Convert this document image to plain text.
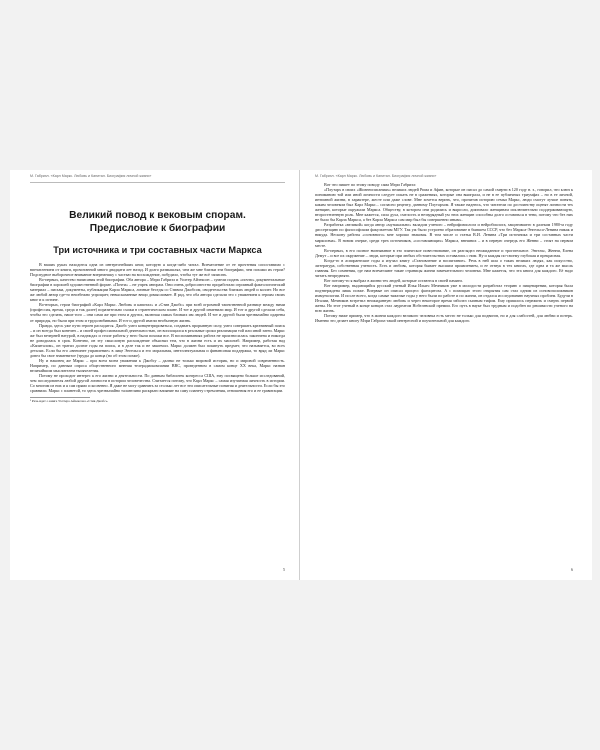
М. Габриэл. «Карл Маркс. Любовь и Капитал. Биография личной жизни»
Великий повод к вековым спорам.
Предисловие к биографии
Три источника и три составных части Маркса

В ваших руках находится одна из интереснейших книг, которую я когда-либо читал. Впечатление от ее прочтения сопоставимо с впечатлением от книги, прочитанной много двадцати лет назад. И долго размышлял, чем же мне близки эти биографии, чем похожи их герои? Подспудное выборочное внимание вперемешку с частью на восхождение, побудило, чтобы тут же всё записать.

Во-первых, качество написания этой биографии. Оба автора – Мэри Габриэл и Уолтер Айзексон – сумели подать «почти» документальные биографии в хорошей художественной форме. «Почти» – не упрек авторам. Они очень добросовестно проработали огромный фактологический материал – письма, документы, публикации Карла Маркса, личные беседы со Стивом Джобсом, свидетельства близких людей и коллег. Но все же любой автор где-то неизбежно упрощает, невысказанные вещи домысливает. Я рад, что оба автора сделали это с уважением к героям своих книг и к истине.

Во-вторых, герои биографий «Карл Маркс. Любовь и капитал» и «Стив Джобс» при всей огромной таинственной разнице между ними (профессия, время, среда и так далее) поразительно схожи в стратегическом плане. И тот и другой изменили мир. И тот и другой сделали себя, чтобы это сделать, наше того – они сами же при этом и других, включая самых близких им людей. И тот и другой были чрезвычайно одарены от природы, но были при этом и трудолюбивыми. И тот и другой имели необычную жизнь.

Правда, здесь уже пути героев расходятся. Джобс умел концентрироваться, создавать прорывную силу, умел совершать креативный поиск – и он всегда был конечен – и своей профессиональной деятельностью, он воплощался в реальные сроки реализации той или иной затеи. Маркс же был вечерней натурой, в надеждах и стиле работы у него были похожи все. В воспоминаниях работа не произносилась закончена и никогда не доводилась в срок. Конечно, он эту смысловую расхождение объяснял тем, что в жизни есть и их масштаб. Например, работая над «Капиталом», он тратил долгие годы на поиск, и в деле так и не закончил. Маркс должен был покинуть предмет, что называется, во всех деталях. Если бы его «внешнее управление» в лице Энгельса и его моральная, интеллектуальная и финансовая поддержка, то вряд ли Маркс довел бы свое знаменитое (труды до конца (но об этом позже).

Ну и наконец же Маркс – при всем моем уважении к Джобсу – далеко не только мировой историк, но и мировой современность. Например, по данным опроса общественного мнения телерадиокомпании ВВС, проведенном в самом конце XX века, Маркс назван величайшим мыслителем тысячелетия.

Потому не проходит интерес к его жизни и деятельности. По данным библиотек конгресса США, ему посвящено больше исследований, чем последователя любой другой личности в истории человечества. Считается потому, что Карл Маркс – самая изучаемая личность в истории. Со многим из них и я сам прямо и косвенно. Я даже не могу сравнить за столько лет все эти описательные понятия и деятельности. Если бы это сравнили. Маркс с планетой, то здесь чрезвычайно талантливо раскрыто влияние на саму планету стремления, отношения его и ее гравитации.

¹ Речь идет о книге Уолтера Айзексона «Стив Джобс».
5
М. Габриэл. «Карл Маркс. Любовь и Капитал. Биография личной жизни»

Вот что пишет по этому поводу сама Мэри Габриэл:

«Плутарх в своих «Жизнеописаниях» великих людей Рима и Афин, которые он писал до самой смерти в 120 году н. э., говорил, что ключ к пониманию той или иной личности следует искать не в сражениях, которые она выиграла, и не в ее публичных триумфах – но в ее личной, интимной жизни, в характере, жесте или даже слове. Мне хочется верить, что, прочитав историю семьи Маркс, люди смогут лучше понять, каким человеком был Карл Маркс... согласно рецепту, данному Плутархом. Я также надеюсь, что читатели по достоинству оценят личности тех женщин, которые окружали Маркса. Обществу, в котором они родились и выросли, диктовало женщинам исключительно поддерживающую, второстепенную роль. Мне кажется, сила духа, смелость и незаурядный ум этих женщин способны долго оставаться в тени, потому что без них не было бы Карла Маркса, а без Карла Маркса сам мир был бы совершенно иным».

Разработка «великой» когда автор «музыкально» вкладом ученого – нейрофизиолога и нейробиолога, защитившего в далеком 1980-м году диссертацию по философским факультетам МГУ. Так уж было устроено образование в бывшем СССР, что без Маркса-Энгельса-Ленина никак и никуда. Нескону работы «основного» мне хорошо знакомы. В том числе и статья В.И. Ленина «Три источника и три составных части марксизма». В новом очерке, среди трех источников, «составляющих» Маркса, внешних – и в первую очередь его Женни – стоят на первом месте.

Во-первых, в его полное вчитывание в это эпическое повествование, он разглядел неожиданное и трогательное. Энгельс, Женни, Елена Демут – и все их окружение – люди, которые при любых обстоятельствах оставались с ним. Ну и каждая по-своему глубокая и прекрасная.

Когда-то в аспирантские годы я изучал книгу «Становление и воспитание». Речь в ней шла о таких великих людях, как искусство, литература, собственная ученость. Есть и любовь, которая бывает высшим проявлением, и ее отзвук в тех книгах, где одна и та же мысль главная. Без сомнения, где нам впечатляют такие страницы жизни замечательного человека. Мне кажется, что эта книга для каждого. Её надо читать непредвзято.

Вот потому-то я выбрал в жизни тех людей, которые остаются в своей памяти.

Вот например, выдающийся русский ученый Илья Ильич Мечников уже в молодости разработал теорию о пищеварении, которая была подтверждена лишь позже. Впервые он описал процесс фагоцитоза. А с помощью этого открытия сам стал одним из основоположников иммунологии. И после всего, когда самые тяжелые годы у него были по работе и по жизни, он отдался исследованию научных проблем. Будучи в Италии, Мечников встретил неожиданную любовь и через некоторое время заболел сыпным тифом. Ему пришлось пережить и смерть первой жены. Но этот ученый в конце концов стал лауреатом Нобелевской премии. Его путь в науке был трудным и подобен по решимости ученого на всю жизнь.

Потому ниже пример, что в жизни каждого великого человека есть место не только для подвигов, но и для слабостей, для любви и потерь. Именно это делает книгу Мэри Габриэл такой интересной и поучительной для каждого.

6
